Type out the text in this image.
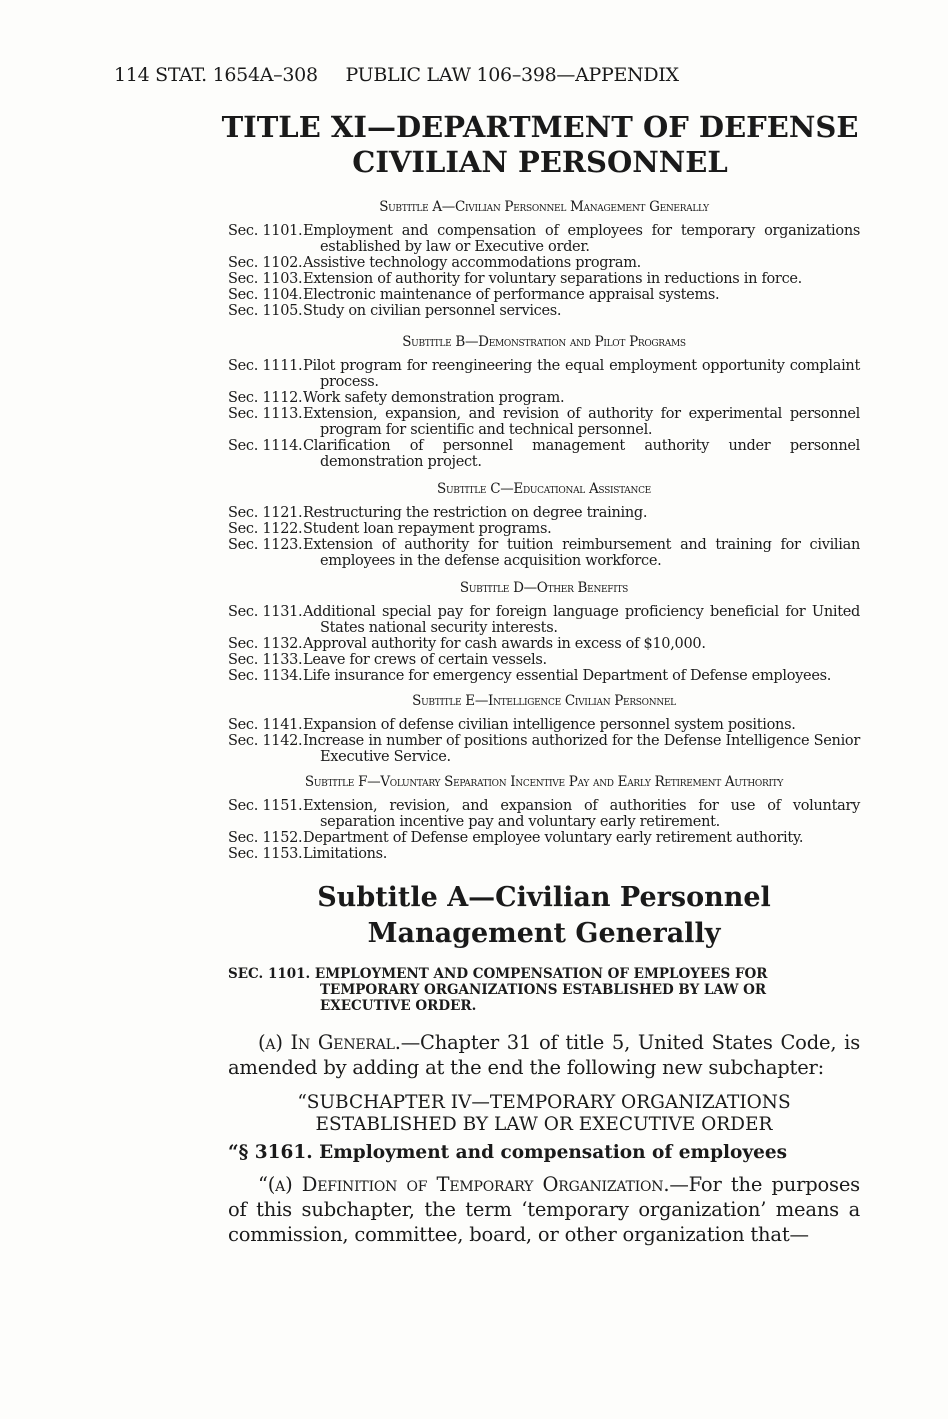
114 STAT. 1654A–308 PUBLIC LAW 106–398—APPENDIX
TITLE XI—DEPARTMENT OF DEFENSE
CIVILIAN PERSONNEL
Subtitle A—Civilian Personnel Management Generally
Sec. 1101.Employment and compensation of employees for temporary organizations established by law or Executive order.
Sec. 1102.Assistive technology accommodations program.
Sec. 1103.Extension of authority for voluntary separations in reductions in force.
Sec. 1104.Electronic maintenance of performance appraisal systems.
Sec. 1105.Study on civilian personnel services.
Subtitle B—Demonstration and Pilot Programs
Sec. 1111.Pilot program for reengineering the equal employment opportunity complaint process.
Sec. 1112.Work safety demonstration program.
Sec. 1113.Extension, expansion, and revision of authority for experimental personnel program for scientific and technical personnel.
Sec. 1114.Clarification of personnel management authority under personnel demonstration project.
Subtitle C—Educational Assistance
Sec. 1121.Restructuring the restriction on degree training.
Sec. 1122.Student loan repayment programs.
Sec. 1123.Extension of authority for tuition reimbursement and training for civilian employees in the defense acquisition workforce.
Subtitle D—Other Benefits
Sec. 1131.Additional special pay for foreign language proficiency beneficial for United States national security interests.
Sec. 1132.Approval authority for cash awards in excess of $10,000.
Sec. 1133.Leave for crews of certain vessels.
Sec. 1134.Life insurance for emergency essential Department of Defense employees.
Subtitle E—Intelligence Civilian Personnel
Sec. 1141.Expansion of defense civilian intelligence personnel system positions.
Sec. 1142.Increase in number of positions authorized for the Defense Intelligence Senior Executive Service.
Subtitle F—Voluntary Separation Incentive Pay and Early Retirement Authority
Sec. 1151.Extension, revision, and expansion of authorities for use of voluntary separation incentive pay and voluntary early retirement.
Sec. 1152.Department of Defense employee voluntary early retirement authority.
Sec. 1153.Limitations.
Subtitle A—Civilian Personnel
Management Generally
SEC. 1101. EMPLOYMENT AND COMPENSATION OF EMPLOYEES FOR TEMPORARY ORGANIZATIONS ESTABLISHED BY LAW OR EXECUTIVE ORDER.
(a) In General.—Chapter 31 of title 5, United States Code, is amended by adding at the end the following new subchapter:
“SUBCHAPTER IV—TEMPORARY ORGANIZATIONS
ESTABLISHED BY LAW OR EXECUTIVE ORDER
“§ 3161. Employment and compensation of employees
“(a) Definition of Temporary Organization.—For the purposes of this subchapter, the term ‘temporary organization’ means a commission, committee, board, or other organization that—
